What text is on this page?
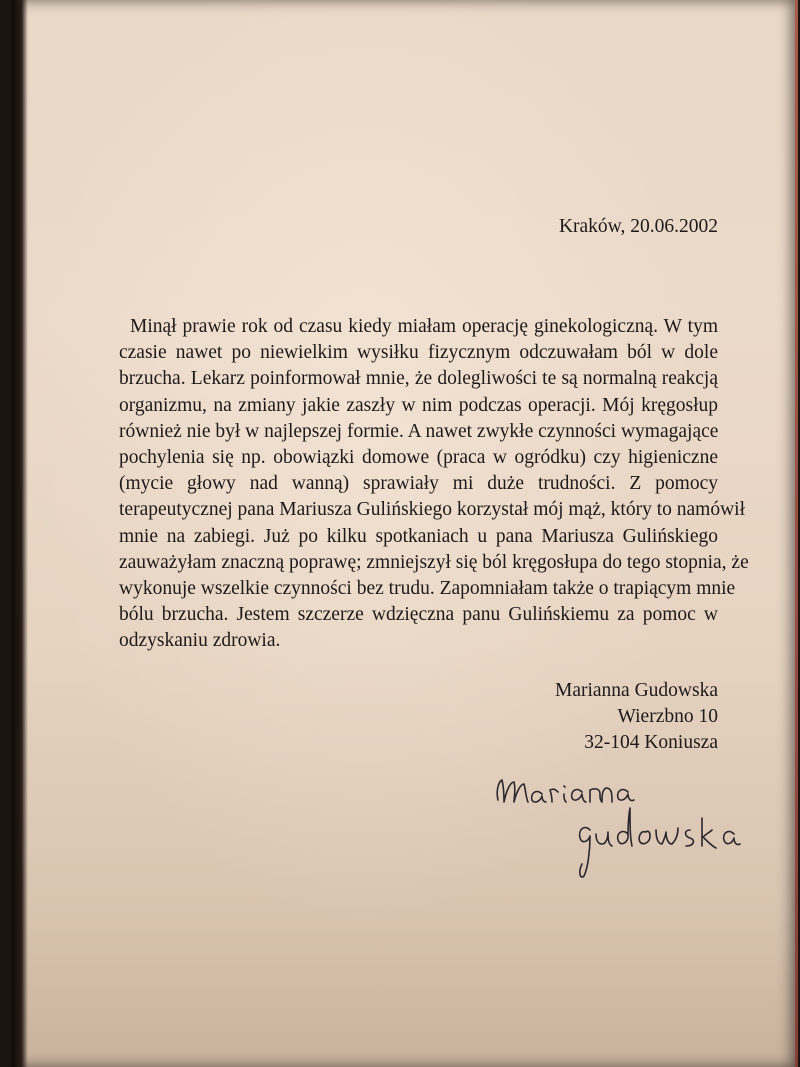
Kraków, 20.06.2002
Minął prawie rok od czasu kiedy miałam operację ginekologiczną. W tym
czasie nawet po niewielkim wysiłku fizycznym odczuwałam ból w dole
brzucha. Lekarz poinformował mnie, że dolegliwości te są normalną reakcją
organizmu, na zmiany jakie zaszły w nim podczas operacji. Mój kręgosłup
również nie był w najlepszej formie. A nawet zwykłe czynności wymagające
pochylenia się np. obowiązki domowe (praca w ogródku) czy higieniczne
(mycie głowy nad wanną) sprawiały mi duże trudności. Z pomocy
terapeutycznej pana Mariusza Gulińskiego korzystał mój mąż, który to namówił
mnie na zabiegi. Już po kilku spotkaniach u pana Mariusza Gulińskiego
zauważyłam znaczną poprawę; zmniejszył się ból kręgosłupa do tego stopnia, że
wykonuje wszelkie czynności bez trudu. Zapomniałam także o trapiącym mnie
bólu brzucha. Jestem szczerze wdzięczna panu Gulińskiemu za pomoc w
odzyskaniu zdrowia.
Marianna Gudowska
Wierzbno 10
32-104 Koniusza
